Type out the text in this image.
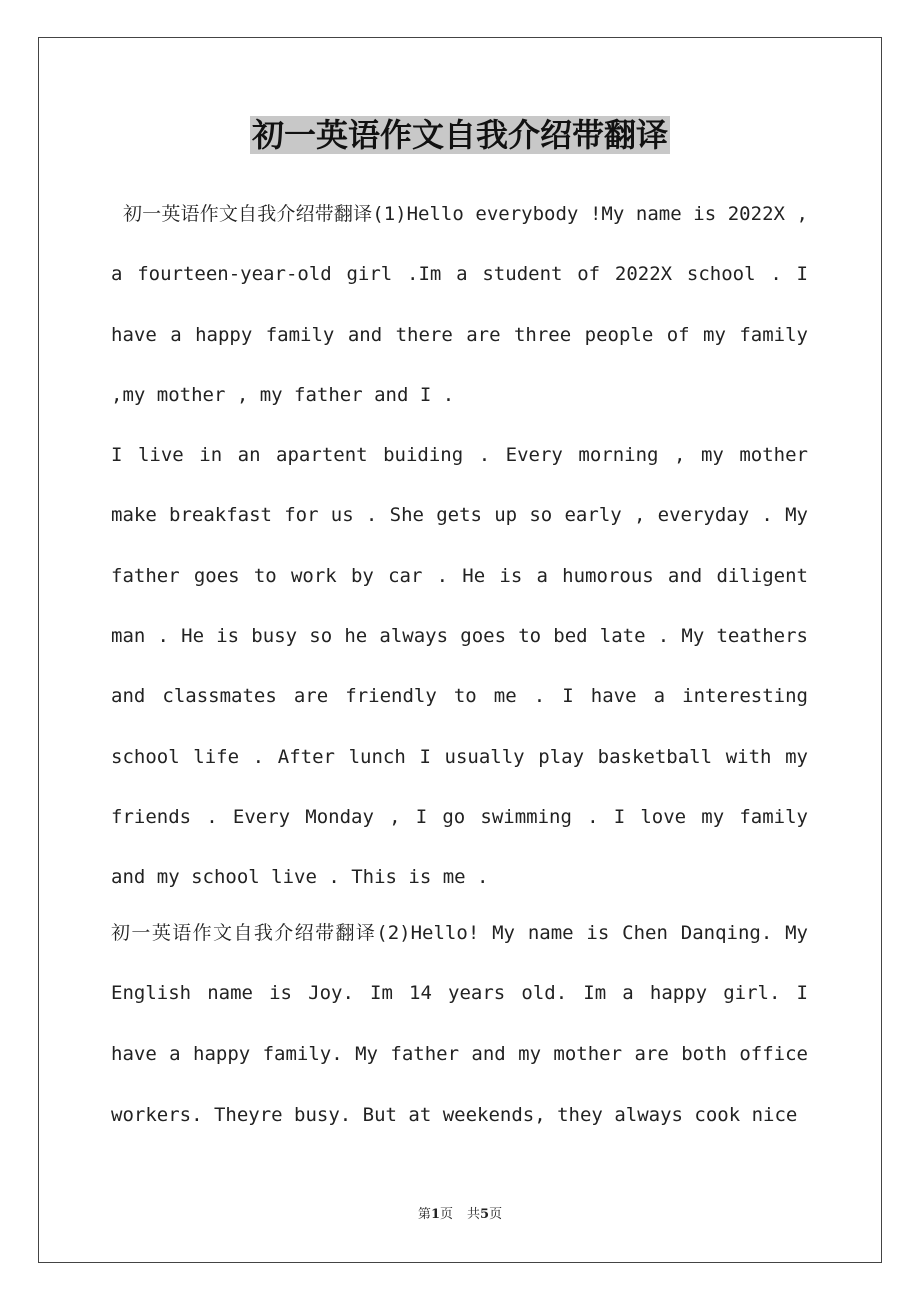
初一英语作文自我介绍带翻译

初一英语作文自我介绍带翻译(1)Hello everybody !My name is 2022X , a fourteen-year-old girl .Im a student of 2022X school . I have a happy family and there are three people of my family ,my mother , my father and I .

I live in an apartent buiding . Every morning , my mother make breakfast for us . She gets up so early , everyday . My father goes to work by car . He is a humorous and diligent man . He is busy so he always goes to bed late . My teathers and classmates are friendly to me . I have a interesting school life . After lunch I usually play basketball with my friends . Every Monday , I go swimming . I love my family and my school live . This is me .

初一英语作文自我介绍带翻译(2)Hello! My name is Chen Danqing. My English name is Joy. Im 14 years old. Im a happy girl. I have a happy family. My father and my mother are both office workers. Theyre busy. But at weekends, they always cook nice

第1页 共5页
